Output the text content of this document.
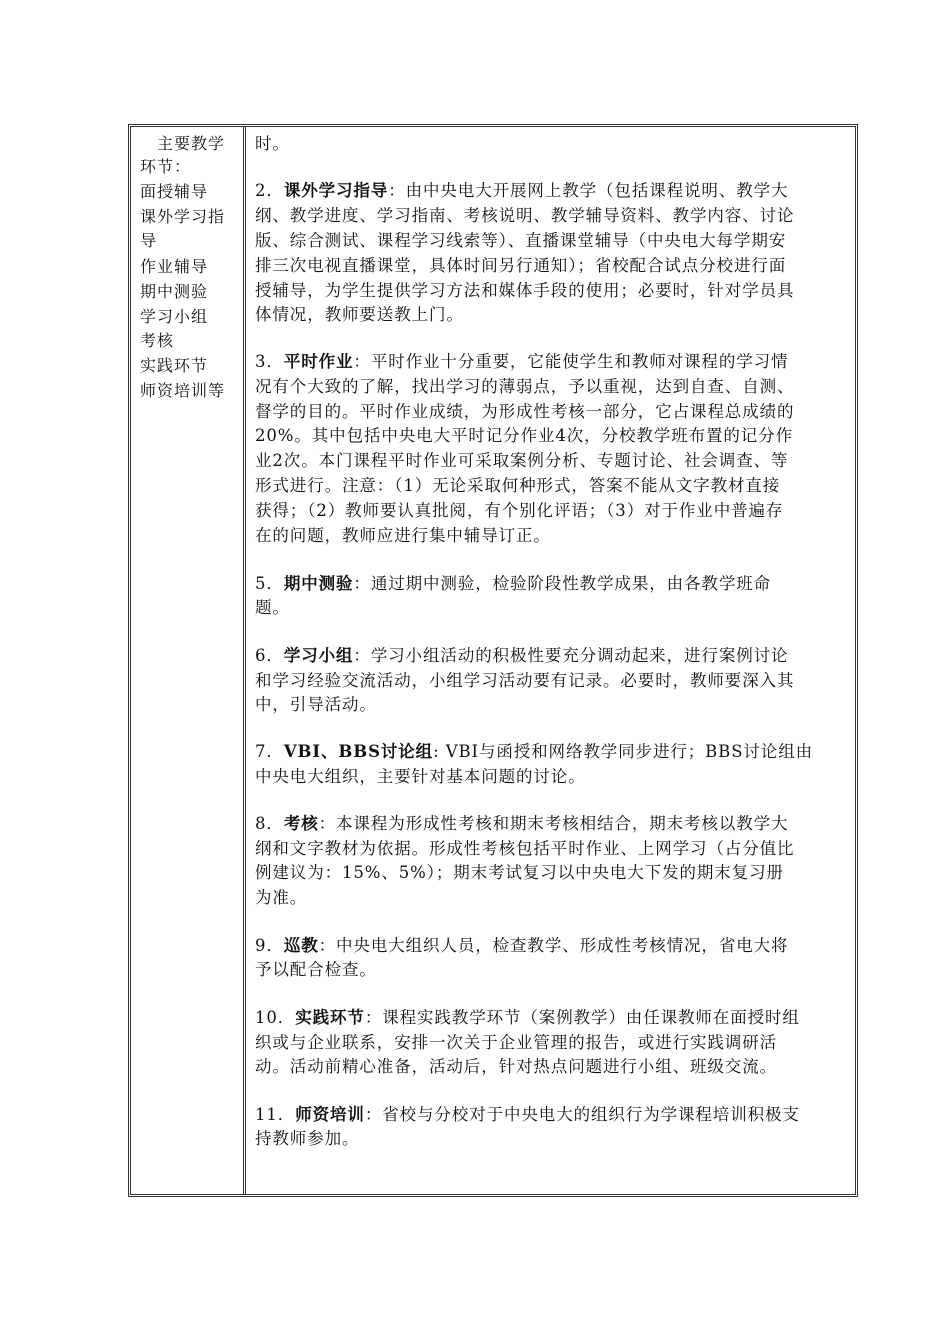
主要教学
环节：
面授辅导
课外学习指
导
作业辅导
期中测验
学习小组
考核
实践环节
师资培训等
时。
2．课外学习指导：由中央电大开展网上教学（包括课程说明、教学大
纲、教学进度、学习指南、考核说明、教学辅导资料、教学内容、讨论
版、综合测试、课程学习线索等）、直播课堂辅导（中央电大每学期安
排三次电视直播课堂，具体时间另行通知）；省校配合试点分校进行面
授辅导，为学生提供学习方法和媒体手段的使用；必要时，针对学员具
体情况，教师要送教上门。
3．平时作业：平时作业十分重要，它能使学生和教师对课程的学习情
况有个大致的了解，找出学习的薄弱点，予以重视，达到自查、自测、
督学的目的。平时作业成绩，为形成性考核一部分，它占课程总成绩的
20%。其中包括中央电大平时记分作业4次，分校教学班布置的记分作
业2次。本门课程平时作业可采取案例分析、专题讨论、社会调查、等
形式进行。注意：（1）无论采取何种形式，答案不能从文字教材直接
获得；（2）教师要认真批阅，有个别化评语；（3）对于作业中普遍存
在的问题，教师应进行集中辅导订正。
5．期中测验：通过期中测验，检验阶段性教学成果，由各教学班命
题。
6．学习小组：学习小组活动的积极性要充分调动起来，进行案例讨论
和学习经验交流活动，小组学习活动要有记录。必要时，教师要深入其
中，引导活动。
7．VBI、BBS讨论组: VBI与函授和网络教学同步进行；BBS讨论组由
中央电大组织，主要针对基本问题的讨论。
8．考核：本课程为形成性考核和期末考核相结合，期末考核以教学大
纲和文字教材为依据。形成性考核包括平时作业、上网学习（占分值比
例建议为：15%、5%）；期末考试复习以中央电大下发的期末复习册
为准。
9．巡教：中央电大组织人员，检查教学、形成性考核情况，省电大将
予以配合检查。
10．实践环节：课程实践教学环节（案例教学）由任课教师在面授时组
织或与企业联系，安排一次关于企业管理的报告，或进行实践调研活
动。活动前精心准备，活动后，针对热点问题进行小组、班级交流。
11．师资培训：省校与分校对于中央电大的组织行为学课程培训积极支
持教师参加。
